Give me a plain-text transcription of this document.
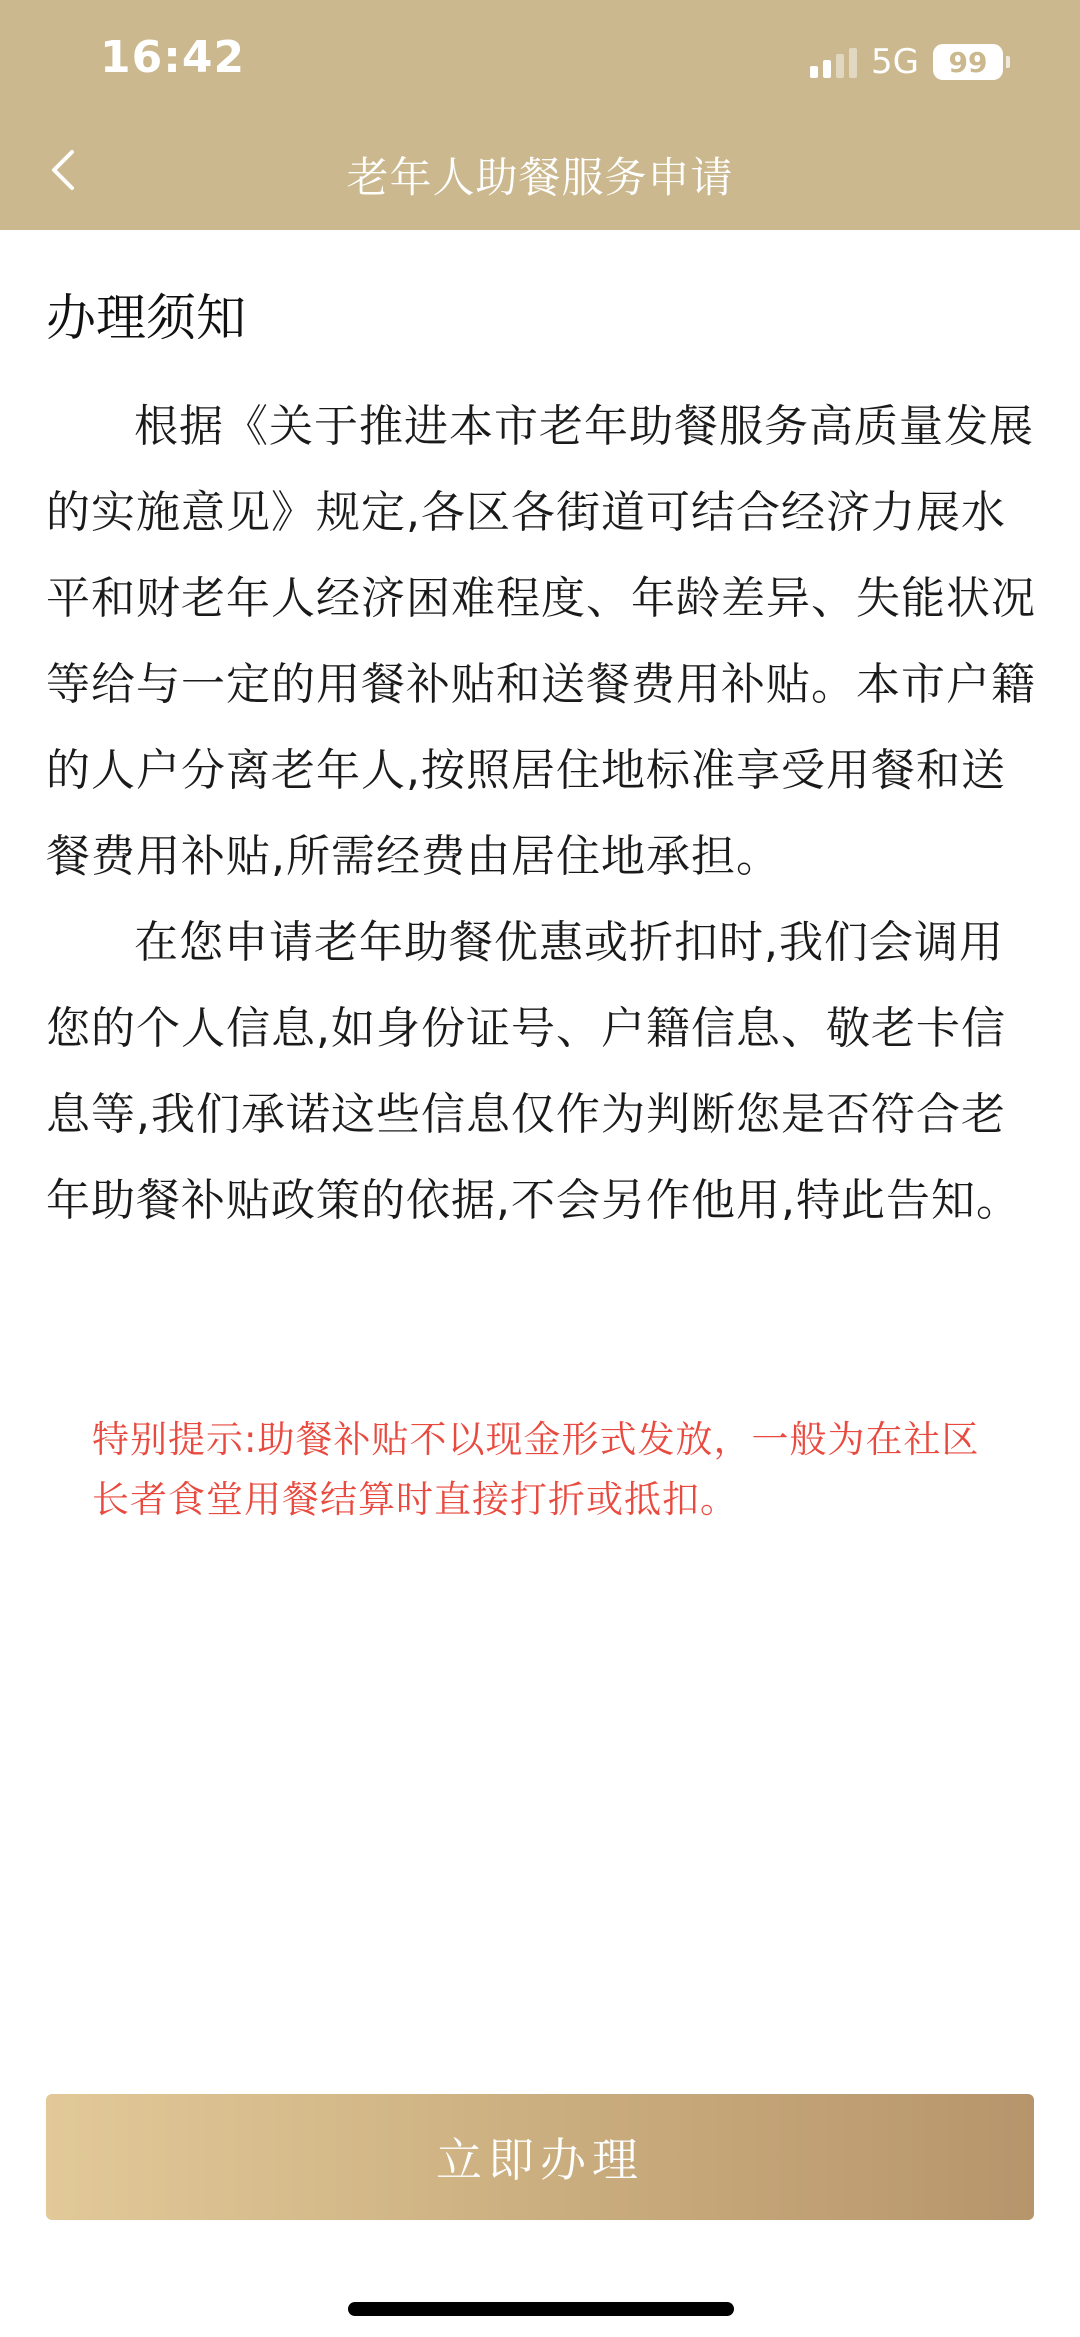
16:42	5G	99
老年人助餐服务申请
办理须知

根据《关于推进本市老年助餐服务高质量发展的实施意见》规定,各区各街道可结合经济力展水平和财老年人经济困难程度、年龄差异、失能状况等给与一定的用餐补贴和送餐费用补贴。本市户籍的人户分离老年人,按照居住地标准享受用餐和送餐费用补贴,所需经费由居住地承担。

在您申请老年助餐优惠或折扣时,我们会调用您的个人信息,如身份证号、户籍信息、敬老卡信息等,我们承诺这些信息仅作为判断您是否符合老年助餐补贴政策的依据,不会另作他用,特此告知。

特别提示:助餐补贴不以现金形式发放，一般为在社区长者食堂用餐结算时直接打折或抵扣。
立即办理
